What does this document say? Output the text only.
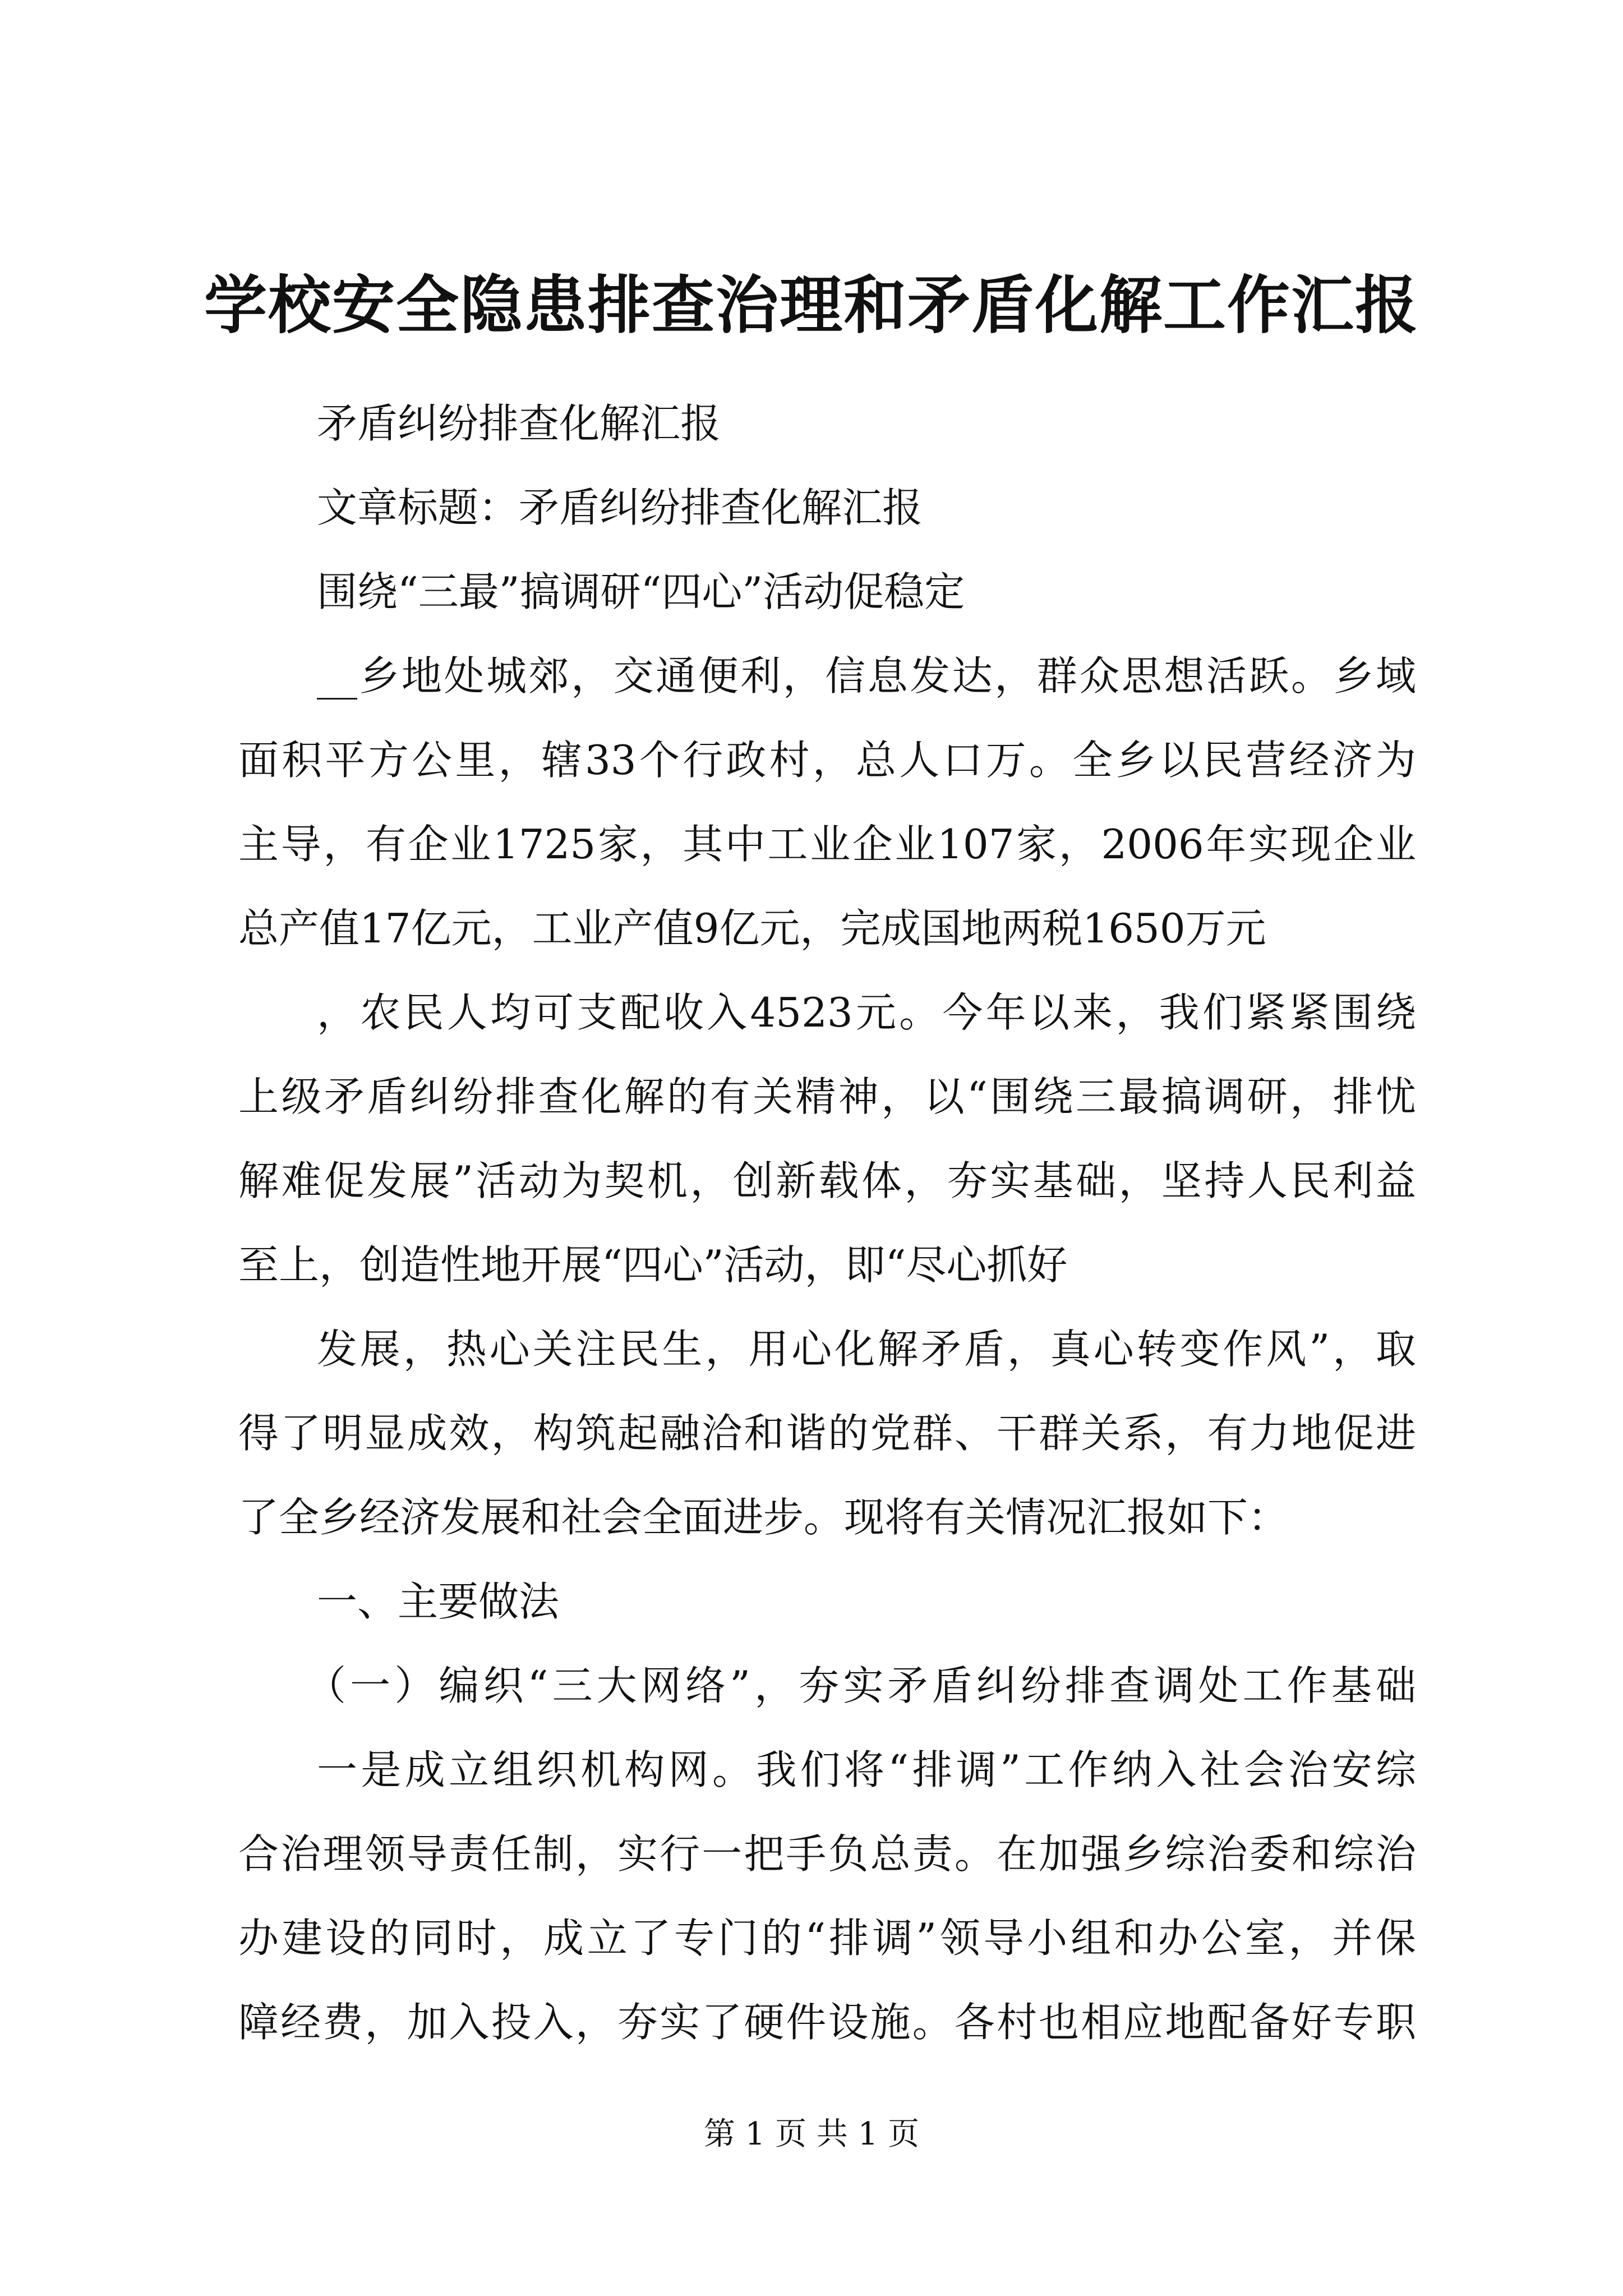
学校安全隐患排查治理和矛盾化解工作汇报
矛盾纠纷排查化解汇报
文章标题：矛盾纠纷排查化解汇报
围绕“三最”搞调研“四心”活动促稳定
__乡地处城郊，交通便利，信息发达，群众思想活跃。乡域
面积平方公里，辖33个行政村，总人口万。全乡以民营经济为
主导，有企业1725家，其中工业企业107家，2006年实现企业
总产值17亿元，工业产值9亿元，完成国地两税1650万元
，农民人均可支配收入4523元。今年以来，我们紧紧围绕
上级矛盾纠纷排查化解的有关精神，以“围绕三最搞调研，排忧
解难促发展”活动为契机，创新载体，夯实基础，坚持人民利益
至上，创造性地开展“四心”活动，即“尽心抓好
发展，热心关注民生，用心化解矛盾，真心转变作风”，取
得了明显成效，构筑起融洽和谐的党群、干群关系，有力地促进
了全乡经济发展和社会全面进步。现将有关情况汇报如下：
一、主要做法
（一）编织“三大网络”，夯实矛盾纠纷排查调处工作基础
一是成立组织机构网。我们将“排调”工作纳入社会治安综
合治理领导责任制，实行一把手负总责。在加强乡综治委和综治
办建设的同时，成立了专门的“排调”领导小组和办公室，并保
障经费，加入投入，夯实了硬件设施。各村也相应地配备好专职
第 1 页 共 1 页
